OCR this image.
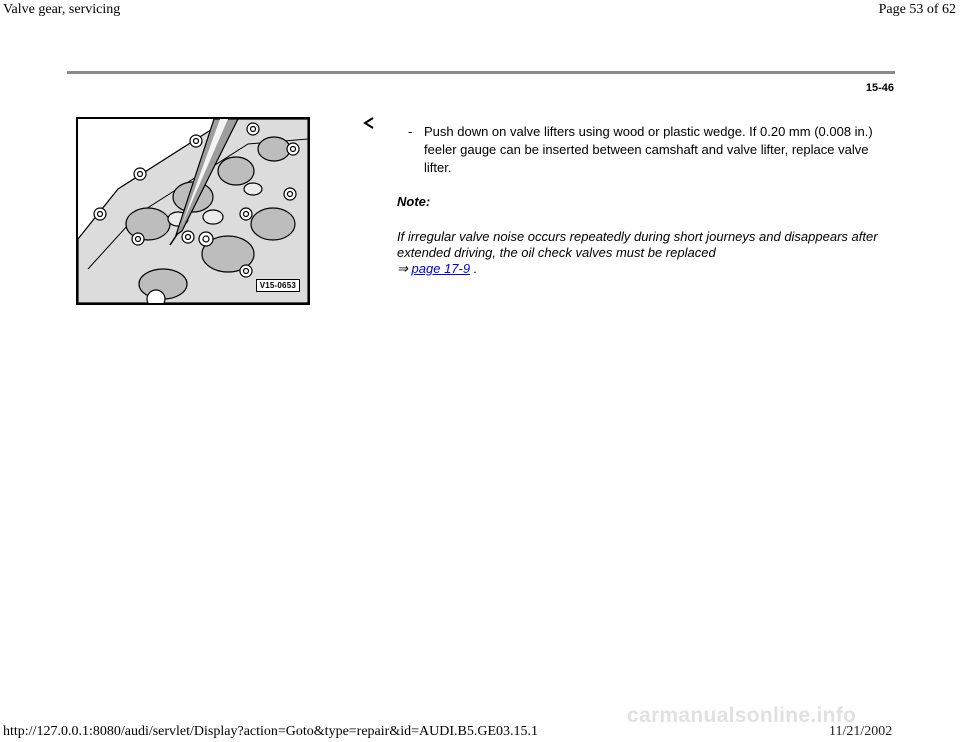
Valve gear, servicing	Page 53 of 62
15-46
V15-0653
- Push down on valve lifters using wood or plastic wedge. If 0.20 mm (0.008 in.) feeler gauge can be inserted between camshaft and valve lifter, replace valve lifter.
Note:
If irregular valve noise occurs repeatedly during short journeys and disappears after extended driving, the oil check valves must be replaced
⇒ page 17-9 .
carmanualsonline.info
http://127.0.0.1:8080/audi/servlet/Display?action=Goto&type=repair&id=AUDI.B5.GE03.15.1	11/21/2002
